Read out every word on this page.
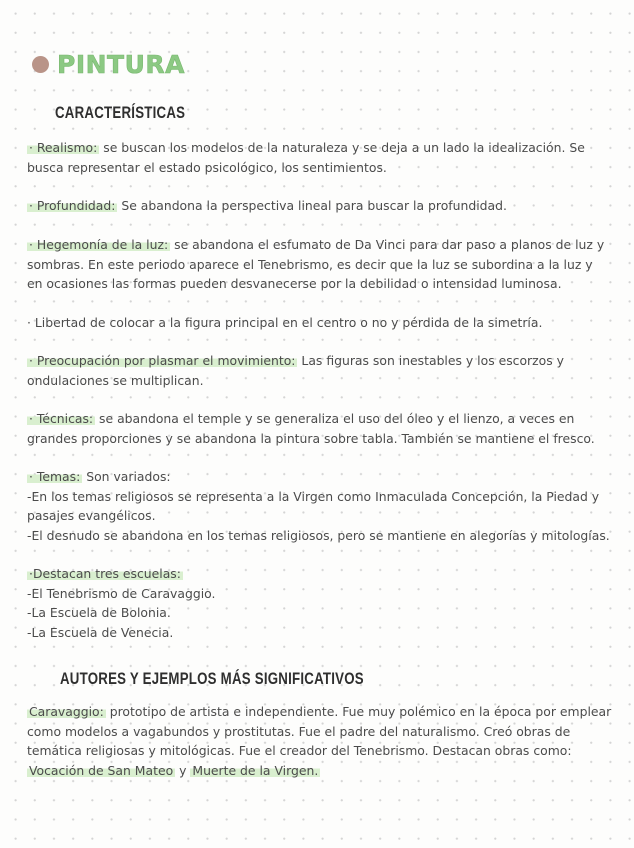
PINTURA
CARACTERÍSTICAS

· Realismo: se buscan los modelos de la naturaleza y se deja a un lado la idealización. Se
busca representar el estado psicológico, los sentimientos.

· Profundidad: Se abandona la perspectiva lineal para buscar la profundidad.

· Hegemonía de la luz: se abandona el esfumato de Da Vinci para dar paso a planos de luz y
sombras. En este periodo aparece el Tenebrismo, es decir que la luz se subordina a la luz y
en ocasiones las formas pueden desvanecerse por la debilidad o intensidad luminosa.

· Libertad de colocar a la figura principal en el centro o no y pérdida de la simetría.

· Preocupación por plasmar el movimiento: Las figuras son inestables y los escorzos y
ondulaciones se multiplican.

· Técnicas: se abandona el temple y se generaliza el uso del óleo y el lienzo, a veces en
grandes proporciones y se abandona la pintura sobre tabla. También se mantiene el fresco.

· Temas: Son variados:
-En los temas religiosos se representa a la Virgen como Inmaculada Concepción, la Piedad y
pasajes evangélicos.
-El desnudo se abandona en los temas religiosos, pero se mantiene en alegorías y mitologías.

·Destacan tres escuelas:
-El Tenebrismo de Caravaggio.
-La Escuela de Bolonia.
-La Escuela de Venecia.

AUTORES Y EJEMPLOS MÁS SIGNIFICATIVOS

Caravaggio: prototipo de artista e independiente. Fue muy polémico en la época por emplear
como modelos a vagabundos y prostitutas. Fue el padre del naturalismo. Creó obras de
temática religiosas y mitológicas. Fue el creador del Tenebrismo. Destacan obras como:
Vocación de San Mateo y Muerte de la Virgen.
